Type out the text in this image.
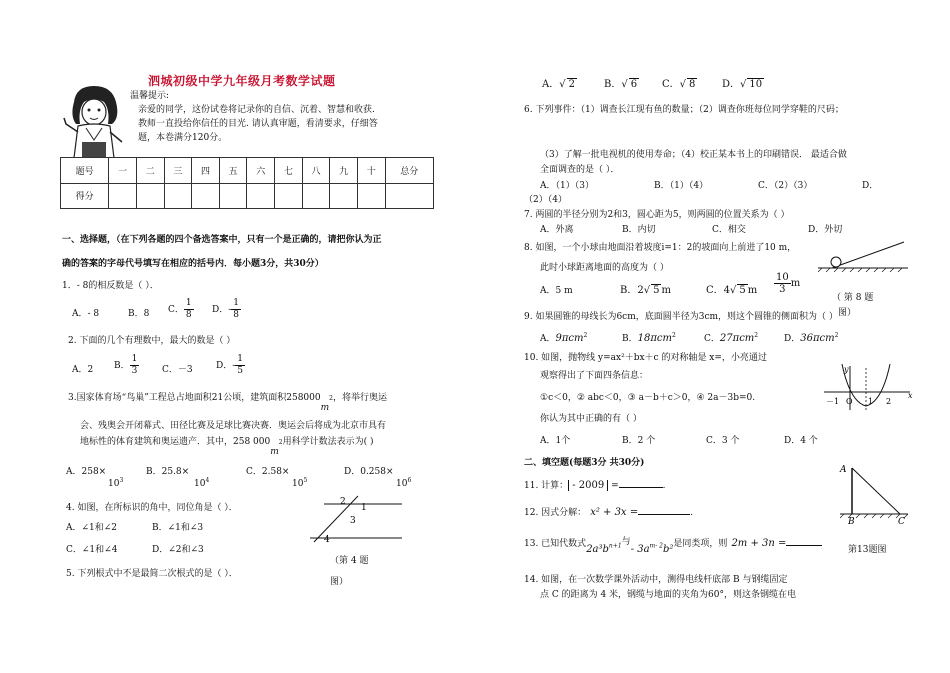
泗城初级中学九年级月考数学试题
温馨提示:
亲爱的同学，这份试卷将记录你的自信、沉着、智慧和收获.
教师一直投给你信任的目光. 请认真审题，看清要求，仔细答
题，本卷满分120分。
题号	一	二	三	四	五	六	七	八	九	十	总分
得分											
一、选择题，（在下列各题的四个备选答案中，只有一个是正确的，请把你认为正
确的答案的字母代号填写在相应的括号内．每小题3分，共30分）
1．- 8的相反数是（ ）．
A．- 8	B．8 C． $\frac{1}{8}$ D．- $\frac{1}{8}$
2. 下面的几个有理数中，最大的数是（ ）
A．2 B． $\frac{1}{3}$	C．－3	D．- $\frac{1}{5}$
3.国家体育场“鸟巢”工程总占地面积21公顷，建筑面积$258000m^2$，将举行奥运
会、残奥会开闭幕式、田径比赛及足球比赛决赛．奥运会后将成为北京市具有
地标性的体育建筑和奥运遗产．其中，258 $000m^2$用科学计数法表示为( )
A．258×
$10^3$
B．25.8×
$10^4$
C．2.58×
$10^5$
D．0.258×
$10^6$
4. 如图，在所标识的角中，同位角是（ ）．
A．∠1和∠2	B．∠1和∠3
C．∠1和∠4	D．∠2和∠3
2
1
3
4
（第 4 题
图）
5. 下列根式中不是最简二次根式的是（ ）．
A．√ 2	B．√ 6 C．√ 8	D．√ 10
6. 下列事件：（1）调查长江现有鱼的数量；（2）调查你班每位同学穿鞋的尺码；
（3）了解一批电视机的使用寿命；（4）校正某本书上的印刷错误． 最适合做
全面调查的是（ ）．
A．（1）（3）	B．（1）（4）	C．（2）（3）	D．
（2）（4）
7. 两圆的半径分别为2和3，圆心距为5，则两圆的位置关系为（ ）
A．外离	B．内切	C．相交	D．外切
8. 如图，一个小球由地面沿着坡度i=1：2的坡面向上前进了10 m，
此时小球距离地面的高度为（ ）
A．5 m	B．2√ 5 m	C．4√ 5 m $\frac{10}{3}$ m
（ 第 8 题
图）
9. 如果圆锥的母线长为6cm，底面圆半径为3cm，则这个圆锥的侧面积为（ ）
A．9πcm$^2$	B．18πcm$^2$	C．27πcm$^2$	D．36πcm$^2$
10. 如图，抛物线 y=ax²＋bx＋c 的对称轴是 x=，小亮通过
观察得出了下面四条信息：
①c＜0，② abc＜0，③ a－b＋c＞0，④ 2a－3b=0.
你认为其中正确的有（ ）
A．1个	B．2 个	C．3 个	D．4 个
y
x
－1 O 1 2
二、填空题(每题3分 共30分)
11. 计算： - 2009 =	.
12. 因式分解： x² + 3x =	.
13. 已知代数式$2a^3b^{n+1}$与- $3a^{m- 2}b^2$是同类项，则 2m + 3n =
A
B	C
第13题图
14. 如图，在一次数学课外活动中，测得电线杆底部 B 与钢缆固定
点 C 的距离为 4 米，钢缆与地面的夹角为60°，则这条钢缆在电
